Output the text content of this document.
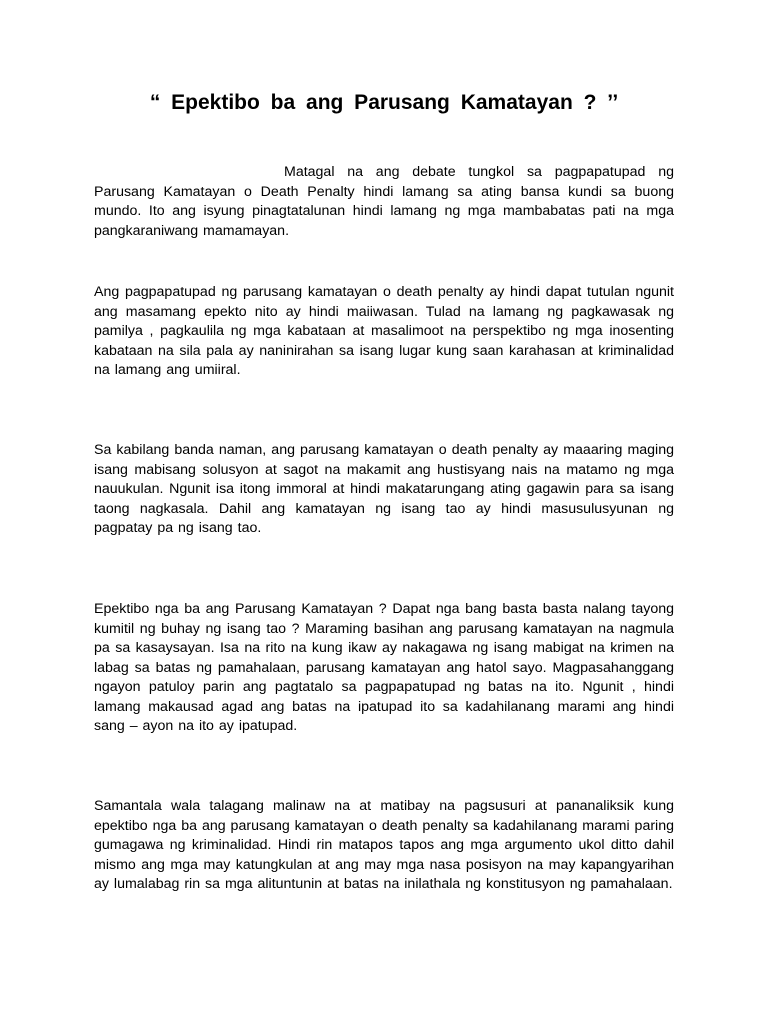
“ Epektibo ba ang Parusang Kamatayan ? ’’

Matagal na ang debate tungkol sa pagpapatupad ng Parusang Kamatayan o Death Penalty hindi lamang sa ating bansa kundi sa buong mundo. Ito ang isyung pinagtatalunan hindi lamang ng mga mambabatas pati na mga pangkaraniwang mamamayan.

Ang pagpapatupad ng parusang kamatayan o death penalty ay hindi dapat tutulan ngunit ang masamang epekto nito ay hindi maiiwasan. Tulad na lamang ng pagkawasak ng pamilya , pagkaulila ng mga kabataan at masalimoot na perspektibo ng mga inosenting kabataan na sila pala ay naninirahan sa isang lugar kung saan karahasan at kriminalidad na lamang ang umiiral.

Sa kabilang banda naman, ang parusang kamatayan o death penalty ay maaaring maging isang mabisang solusyon at sagot na makamit ang hustisyang nais na matamo ng mga nauukulan. Ngunit isa itong immoral at hindi makatarungang ating gagawin para sa isang taong nagkasala. Dahil ang kamatayan ng isang tao ay hindi masusulusyunan ng pagpatay pa ng isang tao.

Epektibo nga ba ang Parusang Kamatayan ? Dapat nga bang basta basta nalang tayong kumitil ng buhay ng isang tao ? Maraming basihan ang parusang kamatayan na nagmula pa sa kasaysayan. Isa na rito na kung ikaw ay nakagawa ng isang mabigat na krimen na labag sa batas ng pamahalaan, parusang kamatayan ang hatol sayo. Magpasahanggang ngayon patuloy parin ang pagtatalo sa pagpapatupad ng batas na ito. Ngunit , hindi lamang makausad agad ang batas na ipatupad ito sa kadahilanang marami ang hindi sang – ayon na ito ay ipatupad.

Samantala wala talagang malinaw na at matibay na pagsusuri at pananaliksik kung epektibo nga ba ang parusang kamatayan o death penalty sa kadahilanang marami paring gumagawa ng kriminalidad. Hindi rin matapos tapos ang mga argumento ukol ditto dahil mismo ang mga may katungkulan at ang may mga nasa posisyon na may kapangyarihan ay lumalabag rin sa mga alituntunin at batas na inilathala ng konstitusyon ng pamahalaan.
